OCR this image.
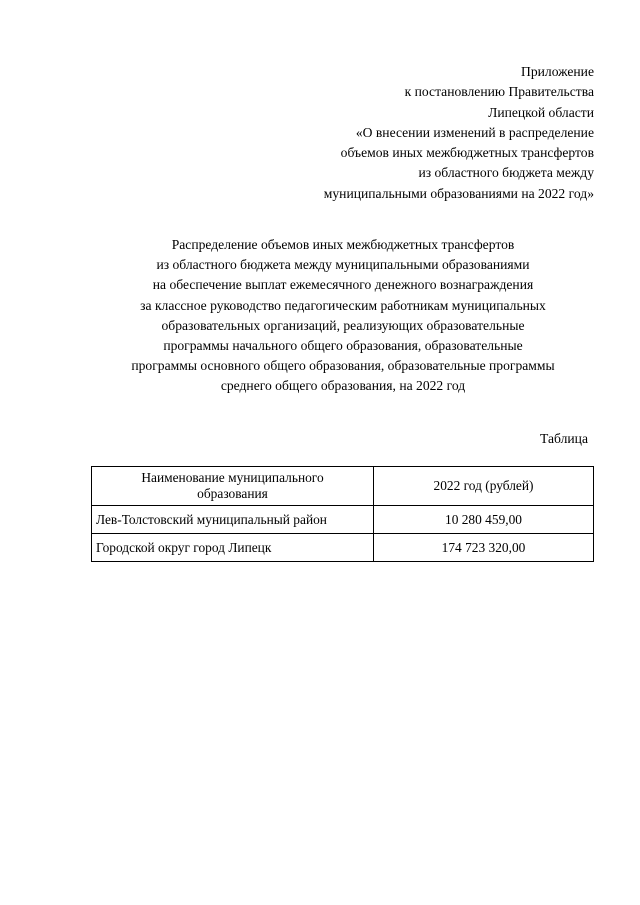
Приложение
к постановлению Правительства
Липецкой области
«О внесении изменений в распределение
объемов иных межбюджетных трансфертов
из областного бюджета между
муниципальными образованиями на 2022 год»
Распределение объемов иных межбюджетных трансфертов
из областного бюджета между муниципальными образованиями
на обеспечение выплат ежемесячного денежного вознаграждения
за классное руководство педагогическим работникам муниципальных
образовательных организаций, реализующих образовательные
программы начального общего образования, образовательные
программы основного общего образования, образовательные программы
среднего общего образования, на 2022 год
Таблица
Наименование муниципального
образования	2022 год (рублей)
Лев-Толстовский муниципальный район	10 280 459,00
Городской округ город Липецк	174 723 320,00
